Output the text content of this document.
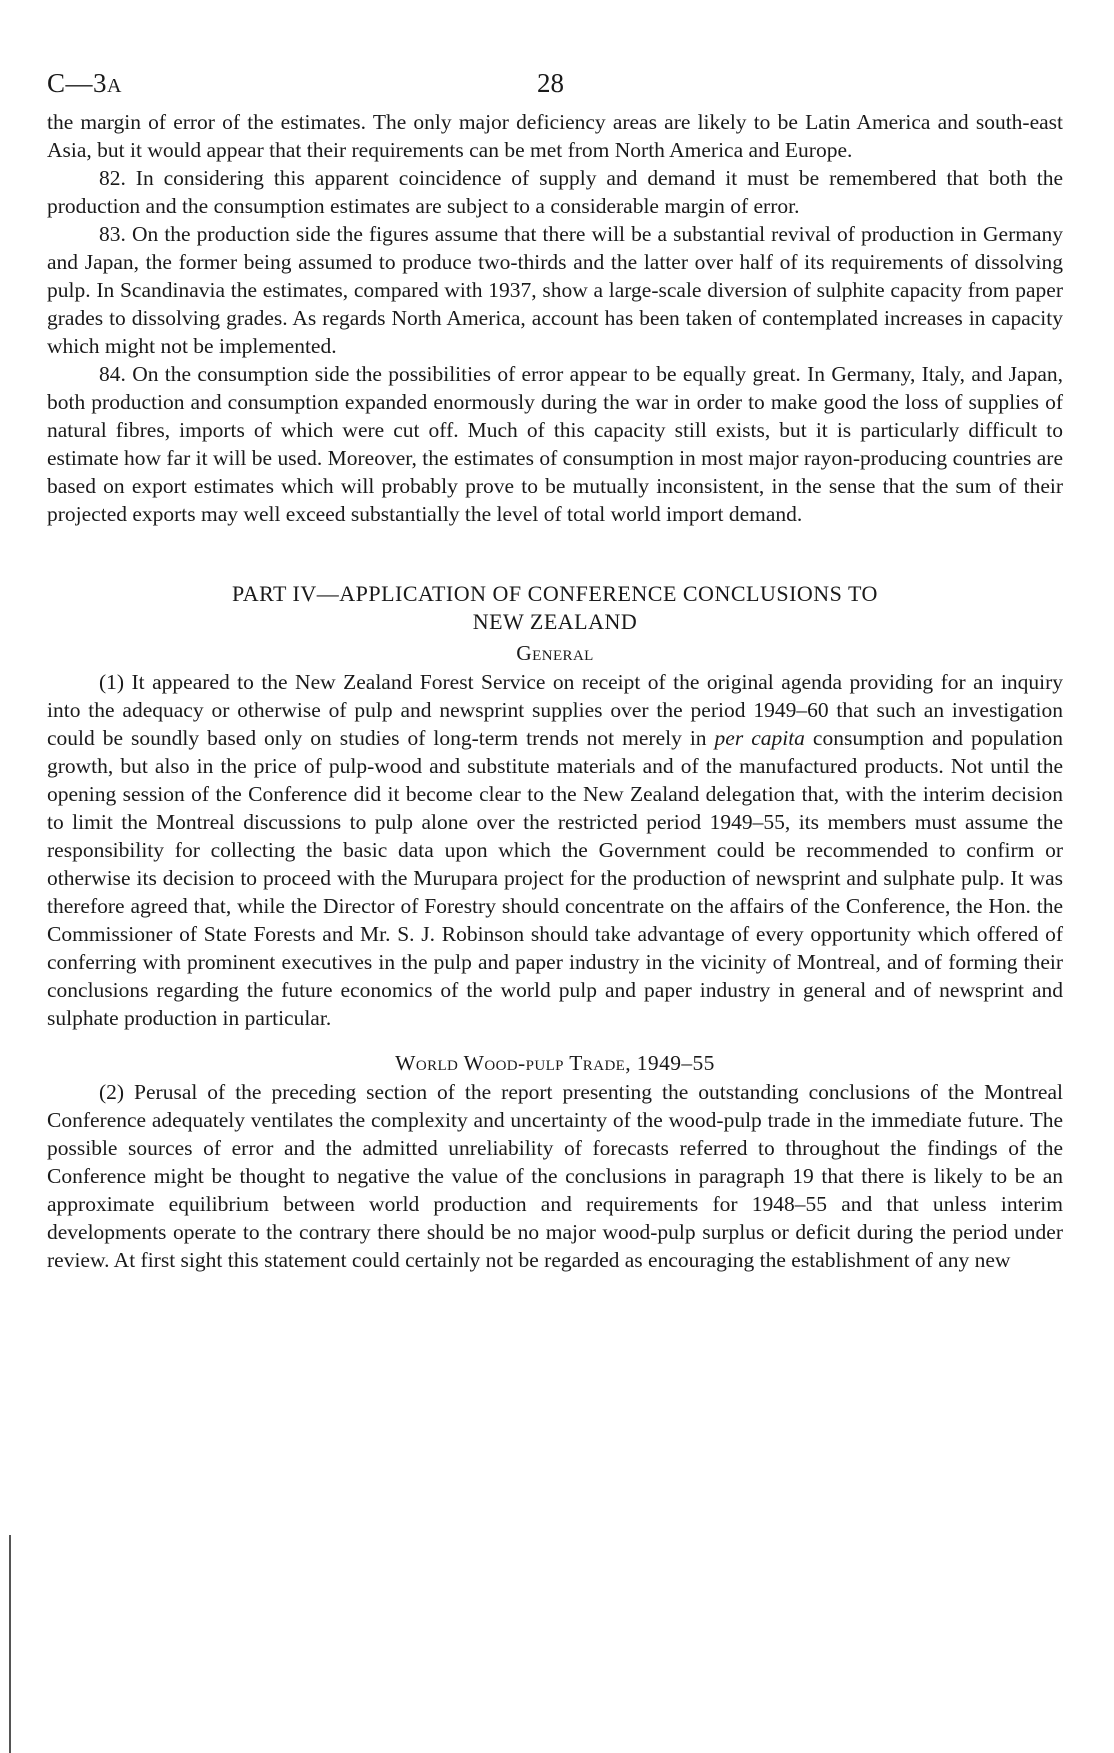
C—3A	28

the margin of error of the estimates. The only major deficiency areas are likely to be Latin America and south-east Asia, but it would appear that their requirements can be met from North America and Europe.

82. In considering this apparent coincidence of supply and demand it must be remembered that both the production and the consumption estimates are subject to a considerable margin of error.

83. On the production side the figures assume that there will be a substantial revival of production in Germany and Japan, the former being assumed to produce two-thirds and the latter over half of its requirements of dissolving pulp. In Scandinavia the estimates, compared with 1937, show a large-scale diversion of sulphite capacity from paper grades to dissolving grades. As regards North America, account has been taken of contemplated increases in capacity which might not be implemented.

84. On the consumption side the possibilities of error appear to be equally great. In Germany, Italy, and Japan, both production and consumption expanded enormously during the war in order to make good the loss of supplies of natural fibres, imports of which were cut off. Much of this capacity still exists, but it is particularly difficult to estimate how far it will be used. Moreover, the estimates of consumption in most major rayon-producing countries are based on export estimates which will probably prove to be mutually inconsistent, in the sense that the sum of their projected exports may well exceed substantially the level of total world import demand.

PART IV—APPLICATION OF CONFERENCE CONCLUSIONS TO
NEW ZEALAND
General

(1) It appeared to the New Zealand Forest Service on receipt of the original agenda providing for an inquiry into the adequacy or otherwise of pulp and newsprint supplies over the period 1949–60 that such an investigation could be soundly based only on studies of long-term trends not merely in per capita consumption and population growth, but also in the price of pulp-wood and substitute materials and of the manufactured products. Not until the opening session of the Conference did it become clear to the New Zealand delegation that, with the interim decision to limit the Montreal discussions to pulp alone over the restricted period 1949–55, its members must assume the responsibility for collecting the basic data upon which the Government could be recommended to confirm or otherwise its decision to proceed with the Murupara project for the production of newsprint and sulphate pulp. It was therefore agreed that, while the Director of Forestry should concentrate on the affairs of the Conference, the Hon. the Commissioner of State Forests and Mr. S. J. Robinson should take advantage of every opportunity which offered of conferring with prominent executives in the pulp and paper industry in the vicinity of Montreal, and of forming their conclusions regarding the future economics of the world pulp and paper industry in general and of newsprint and sulphate production in particular.

World Wood-pulp Trade, 1949–55

(2) Perusal of the preceding section of the report presenting the outstanding conclusions of the Montreal Conference adequately ventilates the complexity and uncertainty of the wood-pulp trade in the immediate future. The possible sources of error and the admitted unreliability of forecasts referred to throughout the findings of the Conference might be thought to negative the value of the conclusions in paragraph 19 that there is likely to be an approximate equilibrium between world production and requirements for 1948–55 and that unless interim developments operate to the contrary there should be no major wood-pulp surplus or deficit during the period under review. At first sight this statement could certainly not be regarded as encouraging the establishment of any new
